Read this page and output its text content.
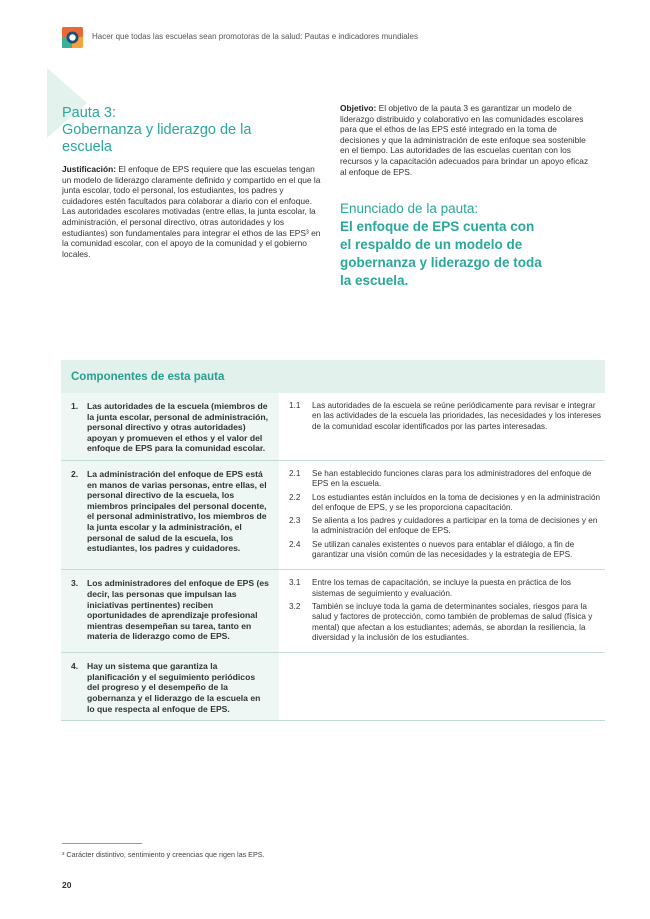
Hacer que todas las escuelas sean promotoras de la salud: Pautas e indicadores mundiales
Pauta 3:
Gobernanza y liderazgo de la
escuela

Justificación: El enfoque de EPS requiere que las escuelas tengan un modelo de liderazgo claramente definido y compartido en el que la junta escolar, todo el personal, los estudiantes, los padres y cuidadores estén facultados para colaborar a diario con el enfoque. Las autoridades escolares motivadas (entre ellas, la junta escolar, la administración, el personal directivo, otras autoridades y los estudiantes) son fundamentales para integrar el ethos de las EPS³ en la comunidad escolar, con el apoyo de la comunidad y el gobierno locales.

Objetivo: El objetivo de la pauta 3 es garantizar un modelo de liderazgo distribuido y colaborativo en las comunidades escolares para que el ethos de las EPS esté integrado en la toma de decisiones y que la administración de este enfoque sea sostenible en el tiempo. Las autoridades de las escuelas cuentan con los recursos y la capacitación adecuados para brindar un apoyo eficaz al enfoque de EPS.

Enunciado de la pauta:
El enfoque de EPS cuenta con
el respaldo de un modelo de
gobernanza y liderazgo de toda
la escuela.
Componentes de esta pauta
1.	Las autoridades de la escuela (miembros de la junta escolar, personal de administración, personal directivo y otras autoridades) apoyan y promueven el ethos y el valor del enfoque de EPS para la comunidad escolar.
1.1	Las autoridades de la escuela se reúne periódicamente para revisar e integrar en las actividades de la escuela las prioridades, las necesidades y los intereses de la comunidad escolar identificados por las partes interesadas.
2.	La administración del enfoque de EPS está en manos de varias personas, entre ellas, el personal directivo de la escuela, los miembros principales del personal docente, el personal administrativo, los miembros de la junta escolar y la administración, el personal de salud de la escuela, los estudiantes, los padres y cuidadores.
2.1	Se han establecido funciones claras para los administradores del enfoque de EPS en la escuela.
2.2	Los estudiantes están incluidos en la toma de decisiones y en la administración del enfoque de EPS, y se les proporciona capacitación.
2.3	Se alienta a los padres y cuidadores a participar en la toma de decisiones y en la administración del enfoque de EPS.
2.4	Se utilizan canales existentes o nuevos para entablar el diálogo, a fin de garantizar una visión común de las necesidades y la estrategia de EPS.
3.	Los administradores del enfoque de EPS (es decir, las personas que impulsan las iniciativas pertinentes) reciben oportunidades de aprendizaje profesional mientras desempeñan su tarea, tanto en materia de liderazgo como de EPS.
3.1	Entre los temas de capacitación, se incluye la puesta en práctica de los sistemas de seguimiento y evaluación.
3.2	También se incluye toda la gama de determinantes sociales, riesgos para la salud y factores de protección, como también de problemas de salud (física y mental) que afectan a los estudiantes; además, se abordan la resiliencia, la diversidad y la inclusión de los estudiantes.
4.	Hay un sistema que garantiza la planificación y el seguimiento periódicos del progreso y el desempeño de la gobernanza y el liderazgo de la escuela en lo que respecta al enfoque de EPS.
³ Carácter distintivo, sentimiento y creencias que rigen las EPS.
20
